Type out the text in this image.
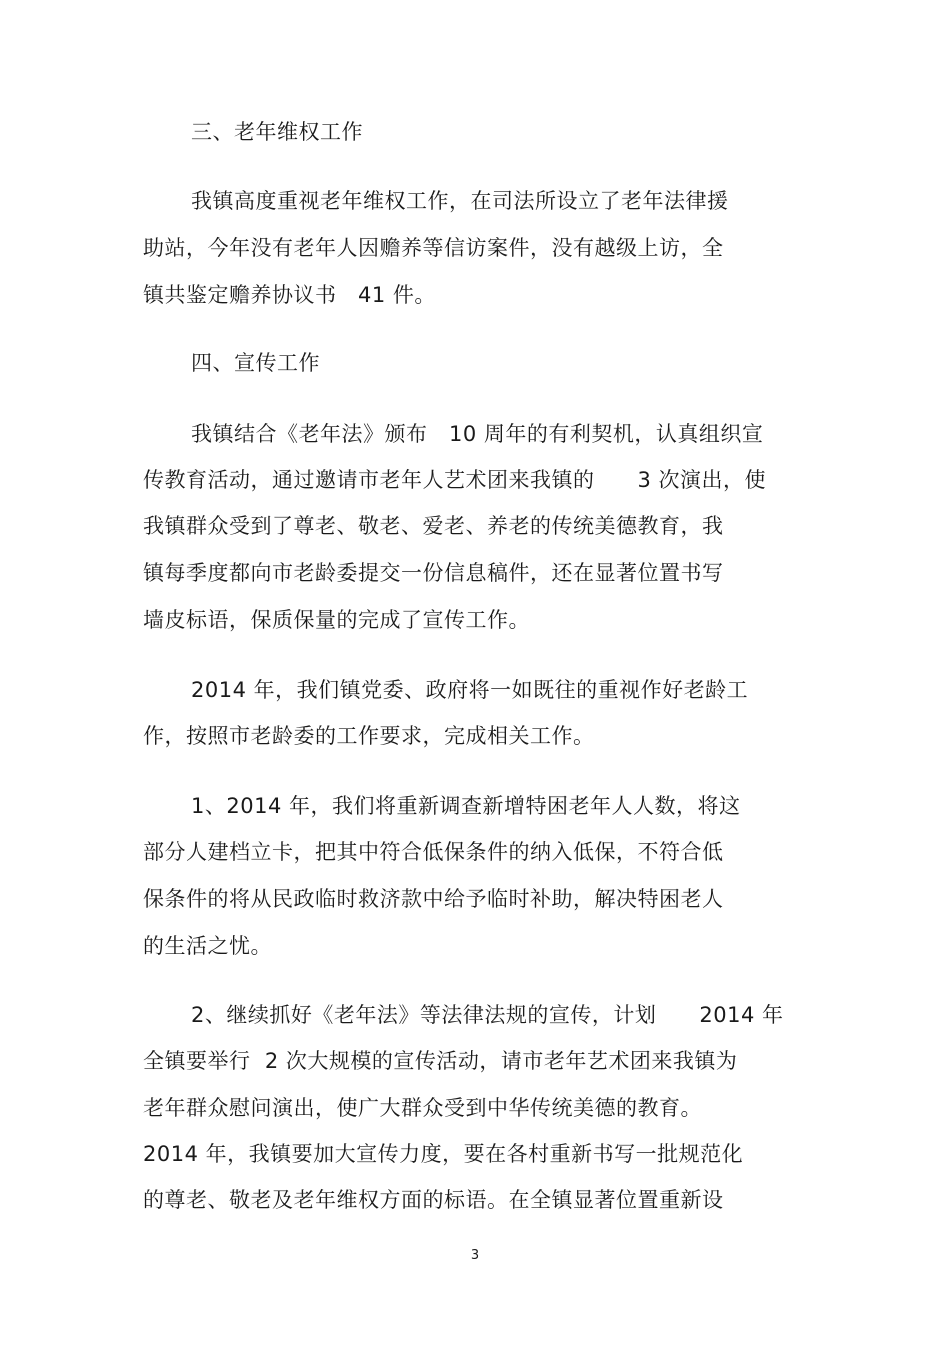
三、老年维权工作
我镇高度重视老年维权工作，在司法所设立了老年法律援
助站，今年没有老年人因赡养等信访案件，没有越级上访，全
镇共鉴定赡养协议书　41 件。
四、宣传工作
我镇结合《老年法》颁布　10 周年的有利契机，认真组织宣
传教育活动，通过邀请市老年人艺术团来我镇的　　3 次演出，使
我镇群众受到了尊老、敬老、爱老、养老的传统美德教育，我
镇每季度都向市老龄委提交一份信息稿件，还在显著位置书写
墙皮标语，保质保量的完成了宣传工作。
2014 年，我们镇党委、政府将一如既往的重视作好老龄工
作，按照市老龄委的工作要求，完成相关工作。
1、2014 年，我们将重新调查新增特困老年人人数，将这
部分人建档立卡，把其中符合低保条件的纳入低保，不符合低
保条件的将从民政临时救济款中给予临时补助，解决特困老人
的生活之忧。
2、继续抓好《老年法》等法律法规的宣传，计划　　2014 年
全镇要举行  2 次大规模的宣传活动，请市老年艺术团来我镇为
老年群众慰问演出，使广大群众受到中华传统美德的教育。
2014 年，我镇要加大宣传力度，要在各村重新书写一批规范化
的尊老、敬老及老年维权方面的标语。在全镇显著位置重新设
3
